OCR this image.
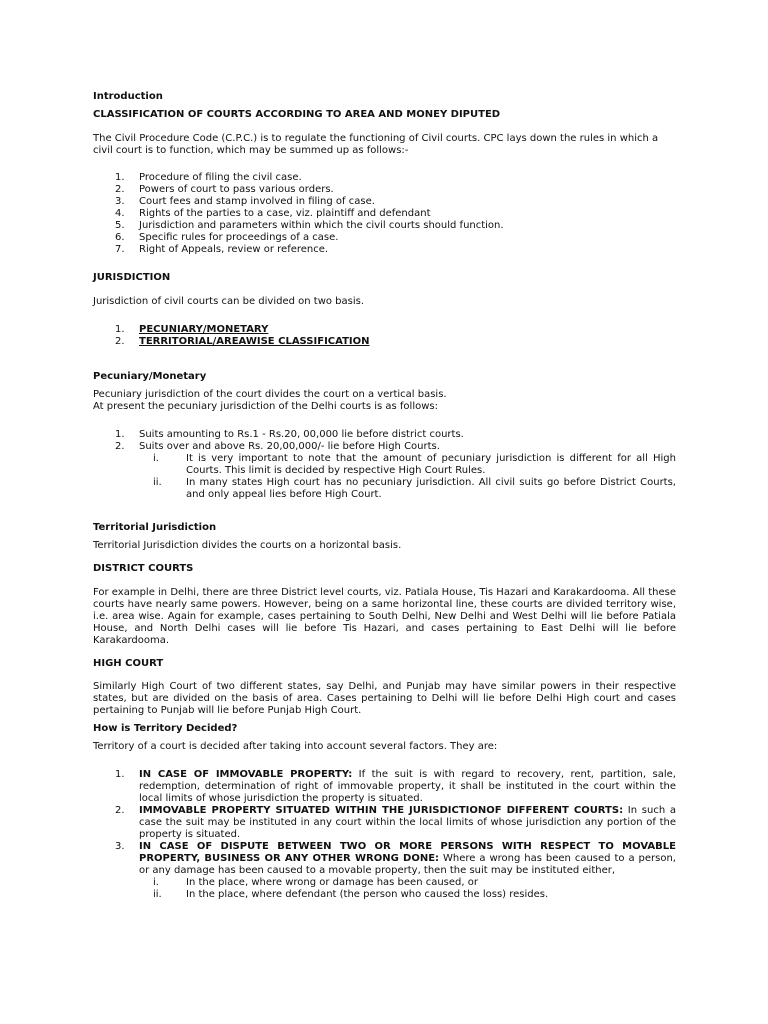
Introduction

CLASSIFICATION OF COURTS ACCORDING TO AREA AND MONEY DIPUTED

The Civil Procedure Code (C.P.C.) is to regulate the functioning of Civil courts. CPC lays down the rules in which a civil court is to function, which may be summed up as follows:-

1. Procedure of filing the civil case.
2. Powers of court to pass various orders.
3. Court fees and stamp involved in filing of case.
4. Rights of the parties to a case, viz. plaintiff and defendant
5. Jurisdiction and parameters within which the civil courts should function.
6. Specific rules for proceedings of a case.
7. Right of Appeals, review or reference.

JURISDICTION

Jurisdiction of civil courts can be divided on two basis.

1. PECUNIARY/MONETARY
2. TERRITORIAL/AREAWISE CLASSIFICATION

Pecuniary/Monetary

Pecuniary jurisdiction of the court divides the court on a vertical basis.

At present the pecuniary jurisdiction of the Delhi courts is as follows:

1. Suits amounting to Rs.1 - Rs.20, 00,000 lie before district courts.
2. Suits over and above Rs. 20,00,000/- lie before High Courts.
i.	It is very important to note that the amount of pecuniary jurisdiction is different for all High Courts. This limit is decided by respective High Court Rules.
ii. In many states High court has no pecuniary jurisdiction. All civil suits go before District Courts, and only appeal lies before High Court.

Territorial Jurisdiction

Territorial Jurisdiction divides the courts on a horizontal basis.

DISTRICT COURTS

For example in Delhi, there are three District level courts, viz. Patiala House, Tis Hazari and Karakardooma. All these courts have nearly same powers. However, being on a same horizontal line, these courts are divided territory wise, i.e. area wise. Again for example, cases pertaining to South Delhi, New Delhi and West Delhi will lie before Patiala House, and North Delhi cases will lie before Tis Hazari, and cases pertaining to East Delhi will lie before Karakardooma.

HIGH COURT

Similarly High Court of two different states, say Delhi, and Punjab may have similar powers in their respective states, but are divided on the basis of area. Cases pertaining to Delhi will lie before Delhi High court and cases pertaining to Punjab will lie before Punjab High Court.

How is Territory Decided?

Territory of a court is decided after taking into account several factors. They are:

1. IN CASE OF IMMOVABLE PROPERTY: If the suit is with regard to recovery, rent, partition, sale, redemption, determination of right of immovable property, it shall be instituted in the court within the local limits of whose jurisdiction the property is situated.
2. IMMOVABLE PROPERTY SITUATED WITHIN THE JURISDICTIONOF DIFFERENT COURTS: In such a case the suit may be instituted in any court within the local limits of whose jurisdiction any portion of the property is situated.
3. IN CASE OF DISPUTE BETWEEN TWO OR MORE PERSONS WITH RESPECT TO MOVABLE PROPERTY, BUSINESS OR ANY OTHER WRONG DONE: Where a wrong has been caused to a person, or any damage has been caused to a movable property, then the suit may be instituted either,
i.	In the place, where wrong or damage has been caused, or
ii. In the place, where defendant (the person who caused the loss) resides.
